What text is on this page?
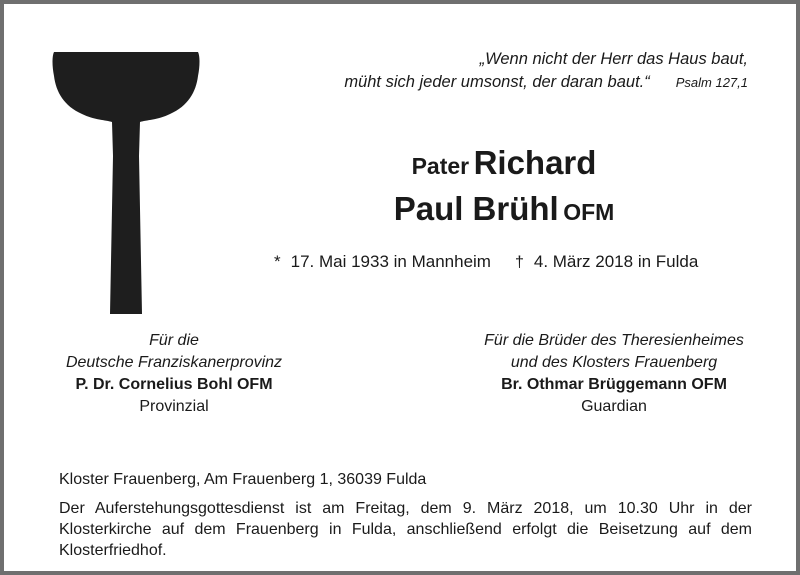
„Wenn nicht der Herr das Haus baut,
müht sich jeder umsonst, der daran baut.“ Psalm 127,1
Pater Richard
Paul Brühl OFM
* 17. Mai 1933 in Mannheim † 4. März 2018 in Fulda
Für die
Deutsche Franziskanerprovinz
P. Dr. Cornelius Bohl OFM
Provinzial
Für die Brüder des Theresienheimes
und des Klosters Frauenberg
Br. Othmar Brüggemann OFM
Guardian
Kloster Frauenberg, Am Frauenberg 1, 36039 Fulda
Der Auferstehungsgottesdienst ist am Freitag, dem 9. März 2018, um 10.30 Uhr in der Klosterkirche auf dem Frauenberg in Fulda, anschließend erfolgt die Beisetzung auf dem Klosterfriedhof.
